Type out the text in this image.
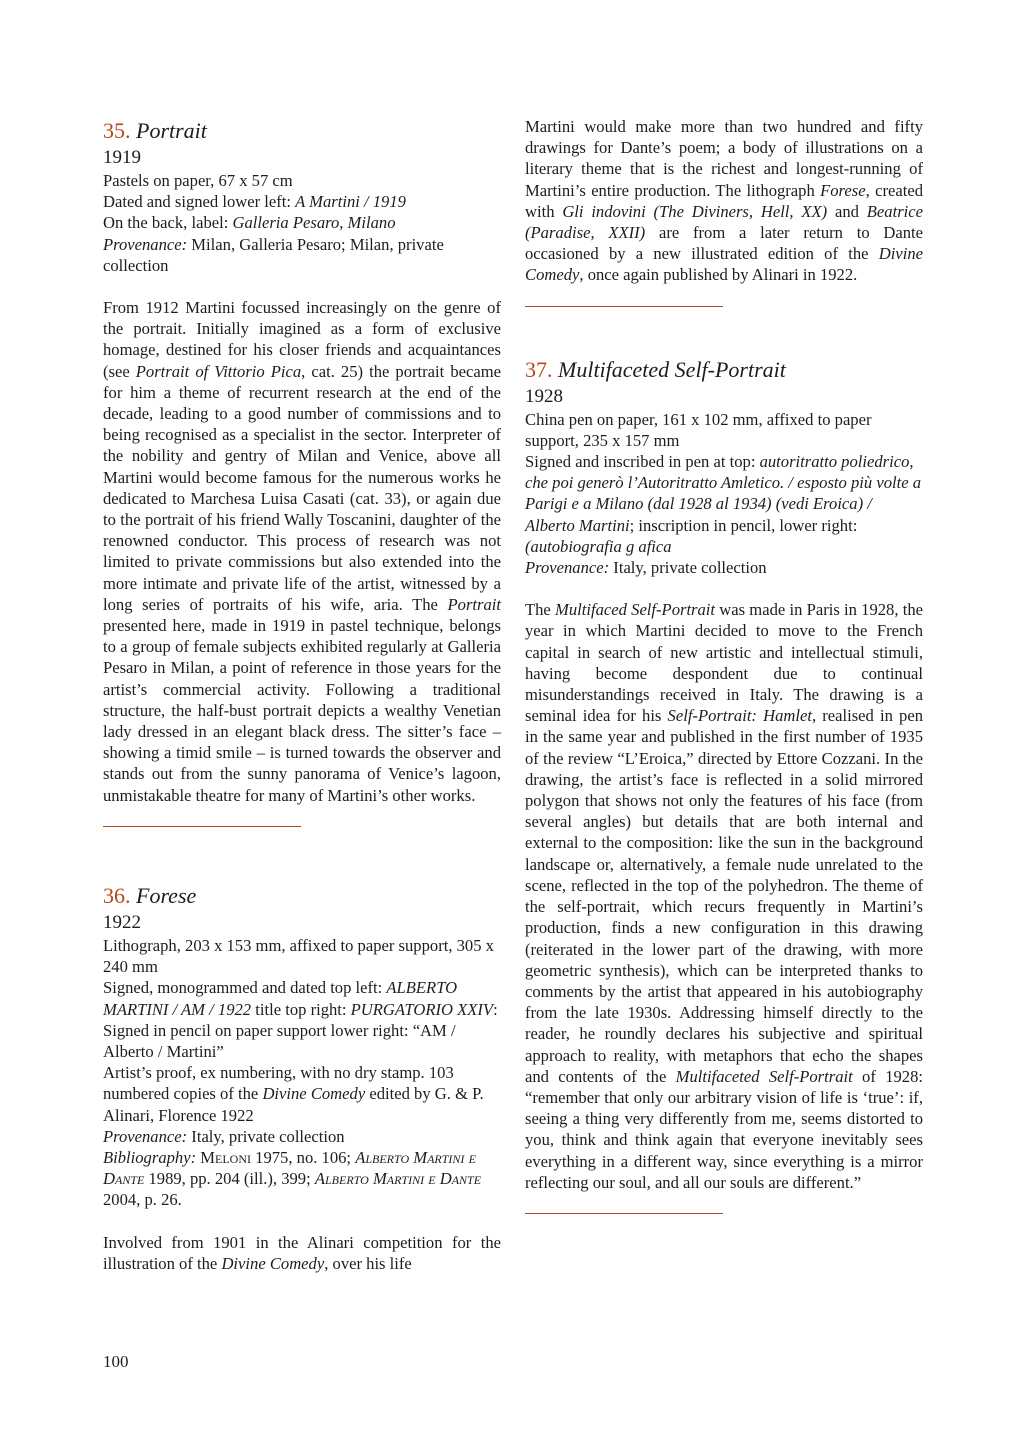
35. Portrait
1919

Pastels on paper, 67 x 57 cm

Dated and signed lower left: A Martini / 1919

On the back, label: Galleria Pesaro, Milano

Provenance: Milan, Galleria Pesaro; Milan, private collection

From 1912 Martini focussed increasingly on the genre of the portrait. Initially imagined as a form of exclusive homage, destined for his closer friends and acquaintances (see Portrait of Vittorio Pica, cat. 25) the portrait became for him a theme of recurrent research at the end of the decade, leading to a good number of commissions and to being recognised as a specialist in the sector. Interpreter of the nobility and gentry of Milan and Venice, above all Martini would become famous for the numerous works he dedicated to Marchesa Luisa Casati (cat. 33), or again due to the portrait of his friend Wally Toscanini, daughter of the renowned conductor. This process of research was not limited to private commissions but also extended into the more intimate and private life of the artist, witnessed by a long series of portraits of his wife, aria. The Portrait presented here, made in 1919 in pastel technique, belongs to a group of female subjects exhibited regularly at Galleria Pesaro in Milan, a point of reference in those years for the artist’s commercial activity. Following a traditional structure, the half-bust portrait depicts a wealthy Venetian lady dressed in an elegant black dress. The sitter’s face – showing a timid smile – is turned towards the observer and stands out from the sunny panorama of Venice’s lagoon, unmistakable theatre for many of Martini’s other works.

36. Forese
1922

Lithograph, 203 x 153 mm, affixed to paper support, 305 x 240 mm

Signed, monogrammed and dated top left: ALBERTO MARTINI / AM / 1922 title top right: PURGATORIO XXIV: Signed in pencil on paper support lower right: “AM / Alberto / Martini”

Artist’s proof, ex numbering, with no dry stamp. 103 numbered copies of the Divine Comedy edited by G. & P. Alinari, Florence 1922

Provenance: Italy, private collection

Bibliography: Meloni 1975, no. 106; Alberto Martini e Dante 1989, pp. 204 (ill.), 399; Alberto Martini e Dante 2004, p. 26.

Involved from 1901 in the Alinari competition for the illustration of the Divine Comedy, over his life

Martini would make more than two hundred and fifty drawings for Dante’s poem; a body of illustrations on a literary theme that is the richest and longest-running of Martini’s entire production. The lithograph Forese, created with Gli indovini (The Diviners, Hell, XX) and Beatrice (Paradise, XXII) are from a later return to Dante occasioned by a new illustrated edition of the Divine Comedy, once again published by Alinari in 1922.

37. Multifaceted Self-Portrait
1928

China pen on paper, 161 x 102 mm, affixed to paper support, 235 x 157 mm

Signed and inscribed in pen at top: autoritratto poliedrico, che poi generò l’Autoritratto Amletico. / esposto più volte a Parigi e a Milano (dal 1928 al 1934) (vedi Eroica) / Alberto Martini; inscription in pencil, lower right: (autobiografia g afica

Provenance: Italy, private collection

The Multifaced Self-Portrait was made in Paris in 1928, the year in which Martini decided to move to the French capital in search of new artistic and intellectual stimuli, having become despondent due to continual misunderstandings received in Italy. The drawing is a seminal idea for his Self-Portrait: Hamlet, realised in pen in the same year and published in the first number of 1935 of the review “L’Eroica,” directed by Ettore Cozzani. In the drawing, the artist’s face is reflected in a solid mirrored polygon that shows not only the features of his face (from several angles) but details that are both internal and external to the composition: like the sun in the background landscape or, alternatively, a female nude unrelated to the scene, reflected in the top of the polyhedron. The theme of the self-portrait, which recurs frequently in Martini’s production, finds a new configuration in this drawing (reiterated in the lower part of the drawing, with more geometric synthesis), which can be interpreted thanks to comments by the artist that appeared in his autobiography from the late 1930s. Addressing himself directly to the reader, he roundly declares his subjective and spiritual approach to reality, with metaphors that echo the shapes and contents of the Multifaceted Self-Portrait of 1928: “remember that only our arbitrary vision of life is ‘true’: if, seeing a thing very differently from me, seems distorted to you, think and think again that everyone inevitably sees everything in a different way, since everything is a mirror reflecting our soul, and all our souls are different.”

100
